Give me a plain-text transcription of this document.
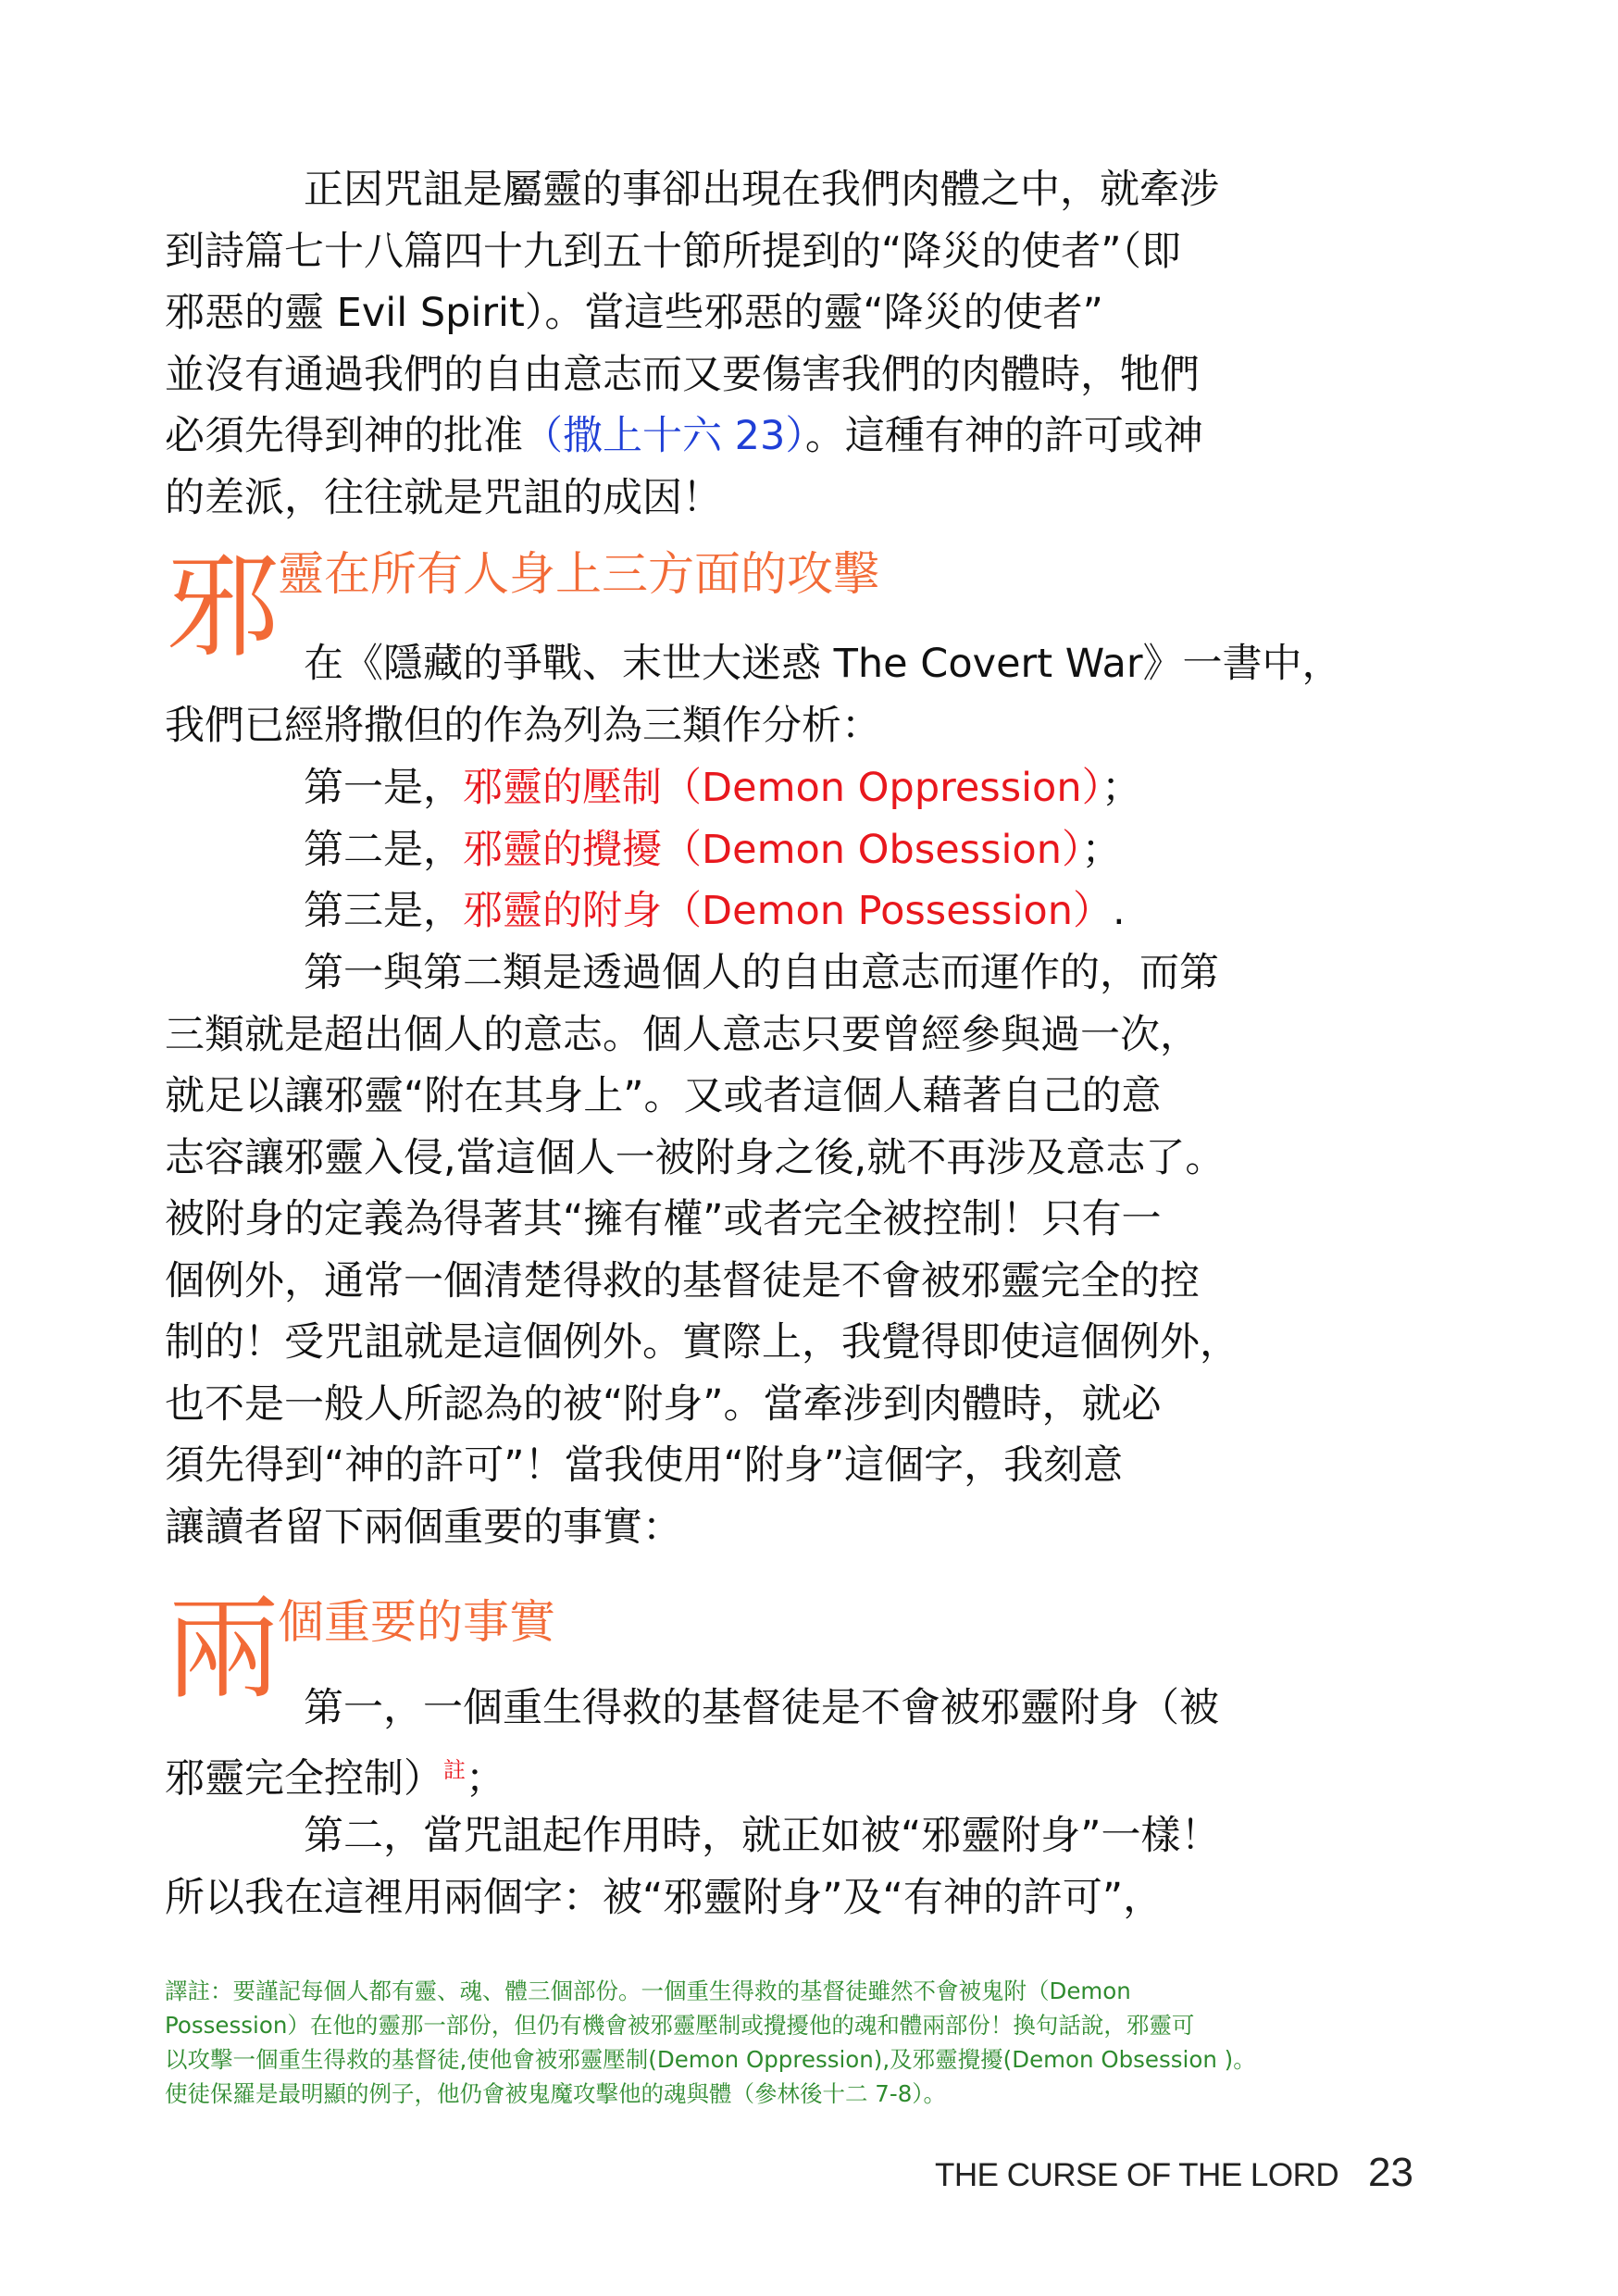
正因咒詛是屬靈的事卻出現在我們肉體之中，就牽涉
到詩篇七十八篇四十九到五十節所提到的“降災的使者”（即
邪惡的靈 Evil Spirit）。當這些邪惡的靈“降災的使者”
並沒有通過我們的自由意志而又要傷害我們的肉體時，牠們
必須先得到神的批准（撒上十六 23）。這種有神的許可或神
的差派，往往就是咒詛的成因！
邪
靈在所有人身上三方面的攻擊
在《隱藏的爭戰、末世大迷惑 The Covert War》一書中，
我們已經將撒但的作為列為三類作分析：
第一是，邪靈的壓制（Demon Oppression）；
第二是，邪靈的攪擾（Demon Obsession）；
第三是，邪靈的附身（Demon Possession）.
第一與第二類是透過個人的自由意志而運作的，而第
三類就是超出個人的意志。個人意志只要曾經參與過一次，
就足以讓邪靈“附在其身上”。又或者這個人藉著自己的意
志容讓邪靈入侵,當這個人一被附身之後,就不再涉及意志了。
被附身的定義為得著其“擁有權”或者完全被控制！只有一
個例外，通常一個清楚得救的基督徒是不會被邪靈完全的控
制的！受咒詛就是這個例外。實際上，我覺得即使這個例外，
也不是一般人所認為的被“附身”。當牽涉到肉體時，就必
須先得到“神的許可”！當我使用“附身”這個字，我刻意
讓讀者留下兩個重要的事實：
兩
個重要的事實
第一，一個重生得救的基督徒是不會被邪靈附身（被
邪靈完全控制）$^註$；
第二，當咒詛起作用時，就正如被“邪靈附身”一樣！
所以我在這裡用兩個字：被“邪靈附身”及“有神的許可”，
譯註：要謹記每個人都有靈、魂、體三個部份。一個重生得救的基督徒雖然不會被鬼附（Demon
Possession）在他的靈那一部份，但仍有機會被邪靈壓制或攪擾他的魂和體兩部份！換句話說，邪靈可
以攻擊一個重生得救的基督徒,使他會被邪靈壓制(Demon Oppression),及邪靈攪擾(Demon Obsession )。
使徒保羅是最明顯的例子，他仍會被鬼魔攻擊他的魂與體（參林後十二 7-8）。
THE CURSE OF THE LORD 23
